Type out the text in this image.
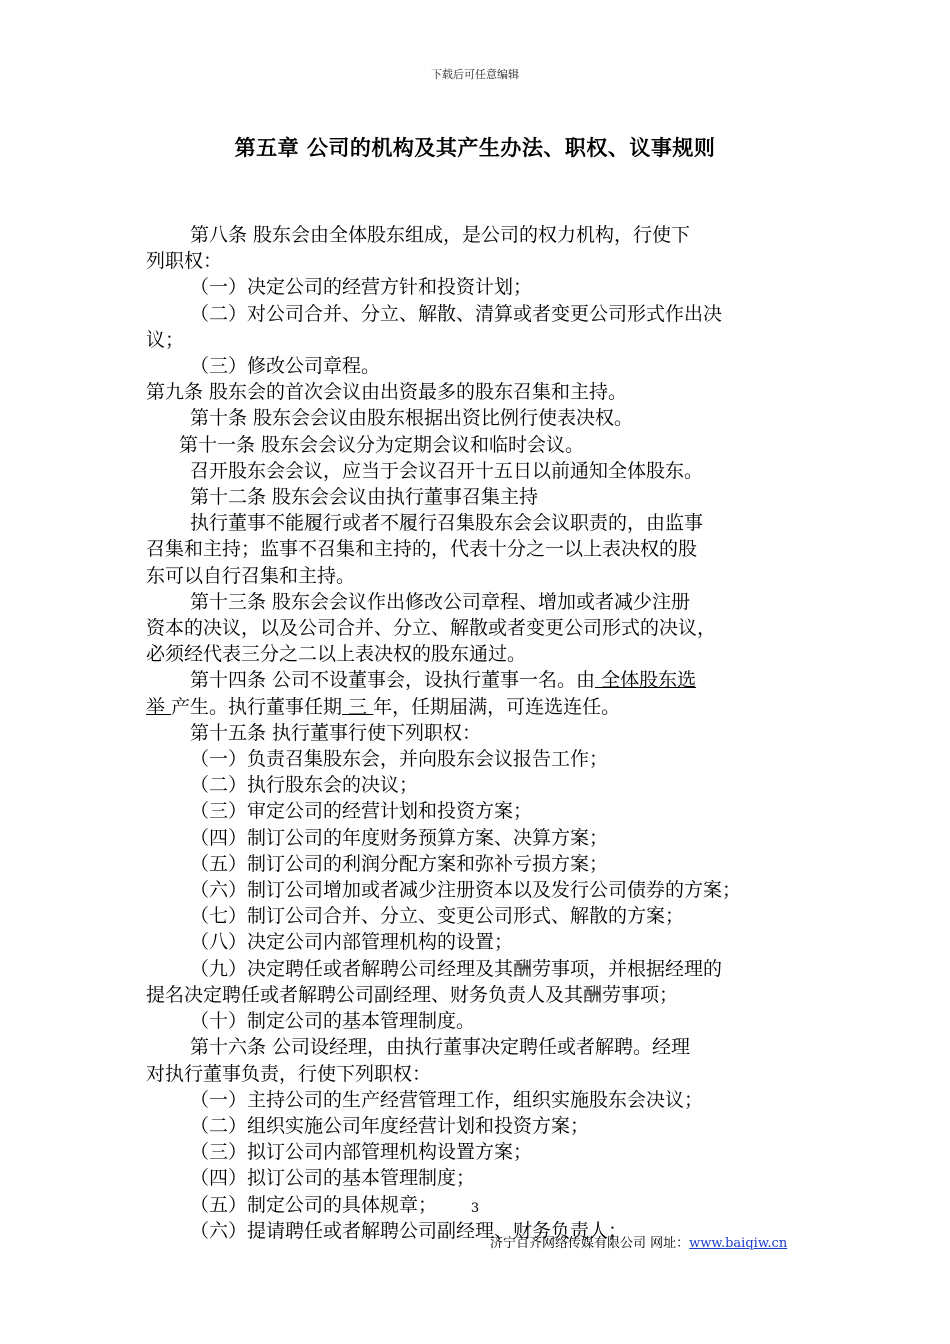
下载后可任意编辑
第五章 公司的机构及其产生办法、职权、议事规则

第八条 股东会由全体股东组成，是公司的权力机构，行使下

列职权：

（一）决定公司的经营方针和投资计划；

（二）对公司合并、分立、解散、清算或者变更公司形式作出决

议；

（三）修改公司章程。

第九条 股东会的首次会议由出资最多的股东召集和主持。

第十条 股东会会议由股东根据出资比例行使表决权。

第十一条 股东会会议分为定期会议和临时会议。

召开股东会会议，应当于会议召开十五日以前通知全体股东。

第十二条 股东会会议由执行董事召集主持

执行董事不能履行或者不履行召集股东会会议职责的，由监事

召集和主持；监事不召集和主持的，代表十分之一以上表决权的股

东可以自行召集和主持。

第十三条 股东会会议作出修改公司章程、增加或者减少注册

资本的决议，以及公司合并、分立、解散或者变更公司形式的决议，

必须经代表三分之二以上表决权的股东通过。

第十四条 公司不设董事会，设执行董事一名。由 全体股东选

举 产生。执行董事任期 三 年，任期届满，可连选连任。

第十五条 执行董事行使下列职权：

（一）负责召集股东会，并向股东会议报告工作；

（二）执行股东会的决议；

（三）审定公司的经营计划和投资方案；

（四）制订公司的年度财务预算方案、决算方案；

（五）制订公司的利润分配方案和弥补亏损方案；

（六）制订公司增加或者减少注册资本以及发行公司债券的方案；

（七）制订公司合并、分立、变更公司形式、解散的方案；

（八）决定公司内部管理机构的设置；

（九）决定聘任或者解聘公司经理及其酬劳事项，并根据经理的

提名决定聘任或者解聘公司副经理、财务负责人及其酬劳事项；

（十）制定公司的基本管理制度。

第十六条 公司设经理，由执行董事决定聘任或者解聘。经理

对执行董事负责，行使下列职权：

（一）主持公司的生产经营管理工作，组织实施股东会决议；

（二）组织实施公司年度经营计划和投资方案；

（三）拟订公司内部管理机构设置方案；

（四）拟订公司的基本管理制度；

（五）制定公司的具体规章；

（六）提请聘任或者解聘公司副经理、财务负责人；

3
济宁百齐网络传媒有限公司 网址：www.baiqiw.cn
